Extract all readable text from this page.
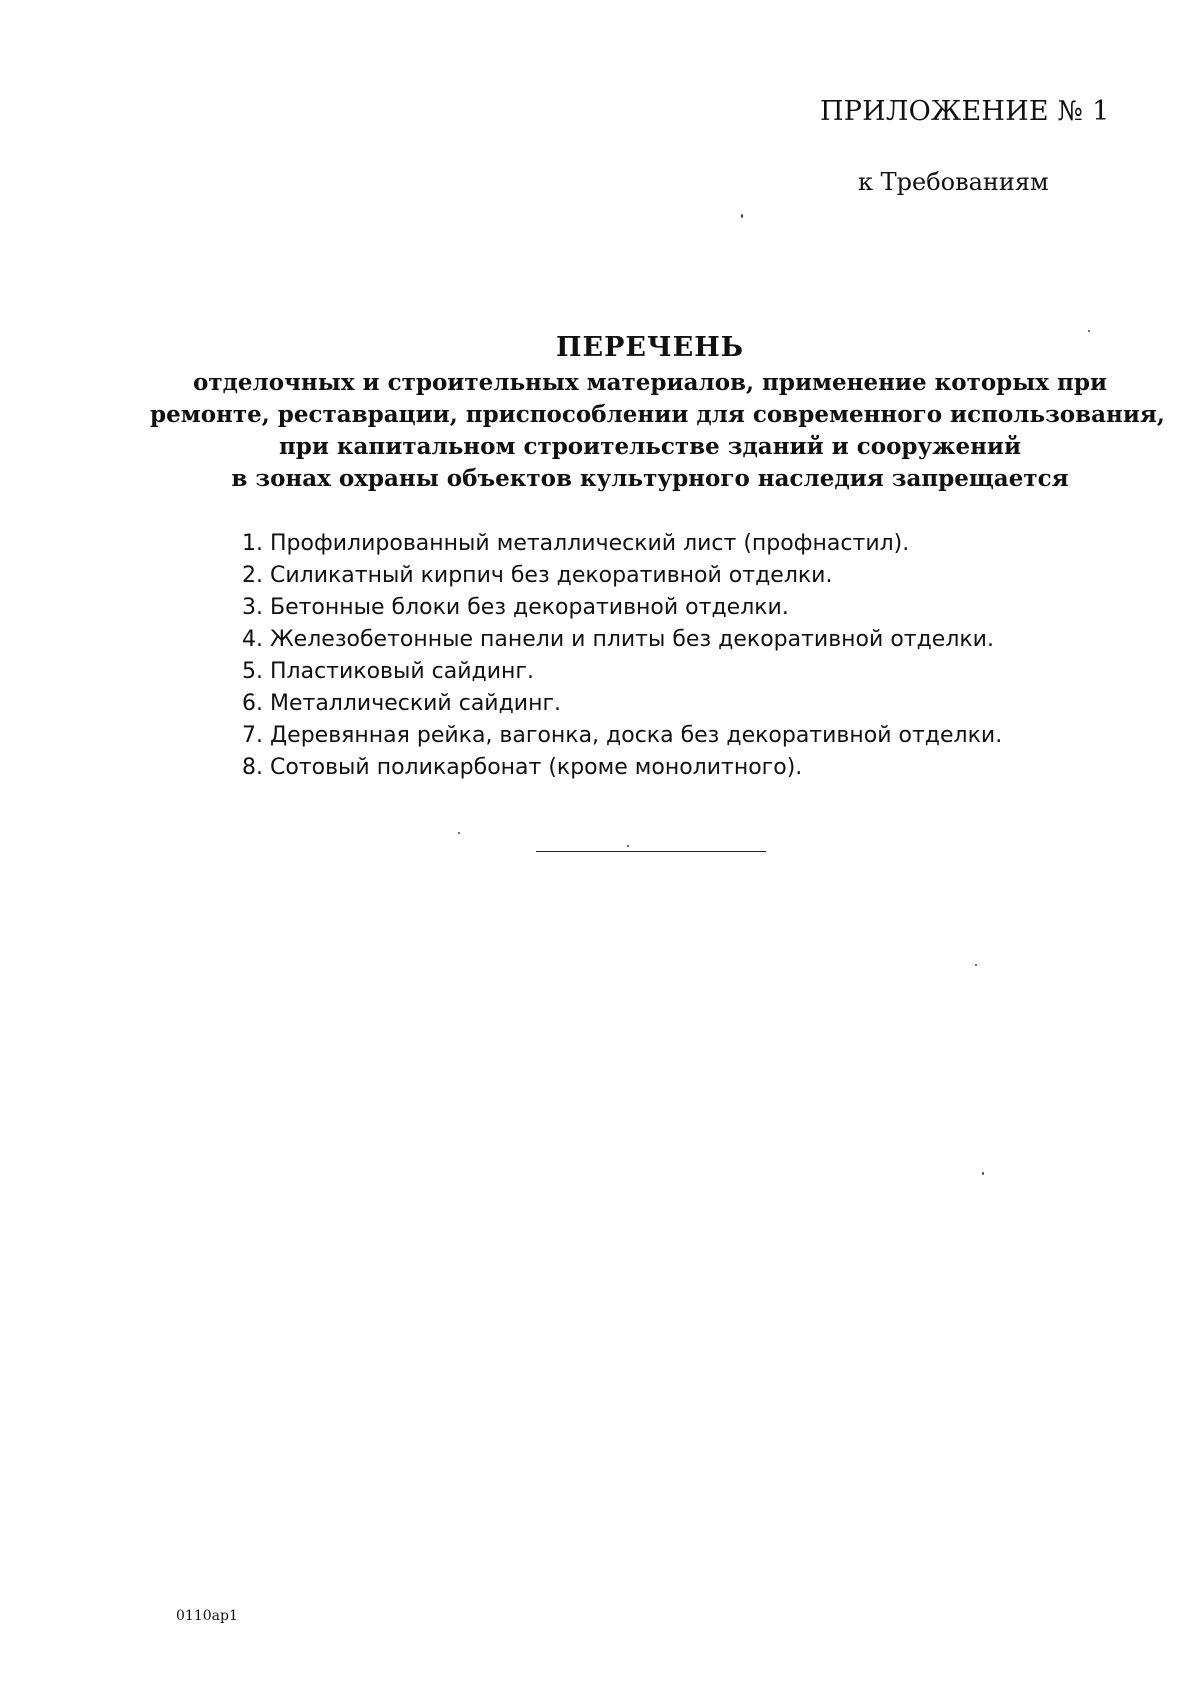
ПРИЛОЖЕНИЕ № 1
к Требованиям
ПЕРЕЧЕНЬ
отделочных и строительных материалов, применение которых при
ремонте, реставрации, приспособлении для современного использования,
при капитальном строительстве зданий и сооружений
в зонах охраны объектов культурного наследия запрещается
1. Профилированный металлический лист (профнастил).
2. Силикатный кирпич без декоративной отделки.
3. Бетонные блоки без декоративной отделки.
4. Железобетонные панели и плиты без декоративной отделки.
5. Пластиковый сайдинг.
6. Металлический сайдинг.
7. Деревянная рейка, вагонка, доска без декоративной отделки.
8. Сотовый поликарбонат (кроме монолитного).
0110ap1
